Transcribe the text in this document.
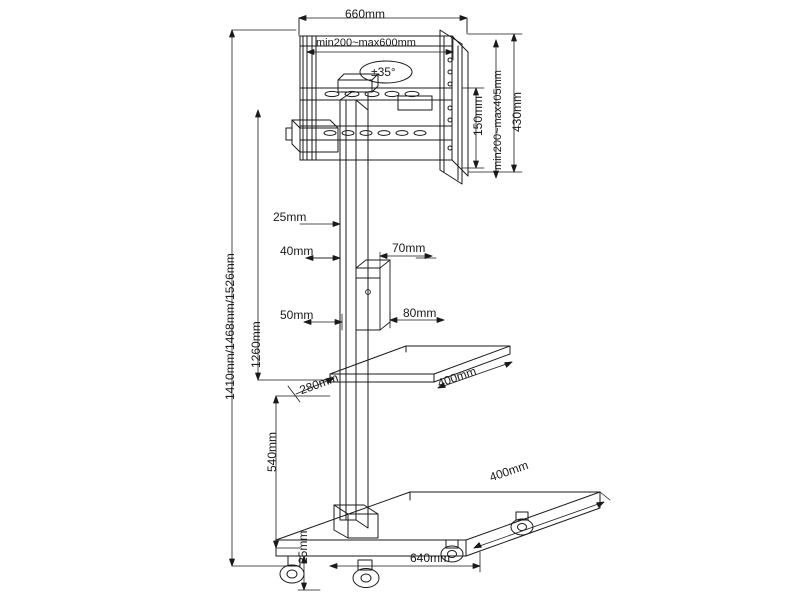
660mm
min200~max600mm
±35°
150mm 430mm
min200~max405mm
25mm
40mm	70mm
50mm	80mm
280mm	400mm
1410mm/1468mm/1526mm 1260mm
540mm	400mm
640mm
25mm
